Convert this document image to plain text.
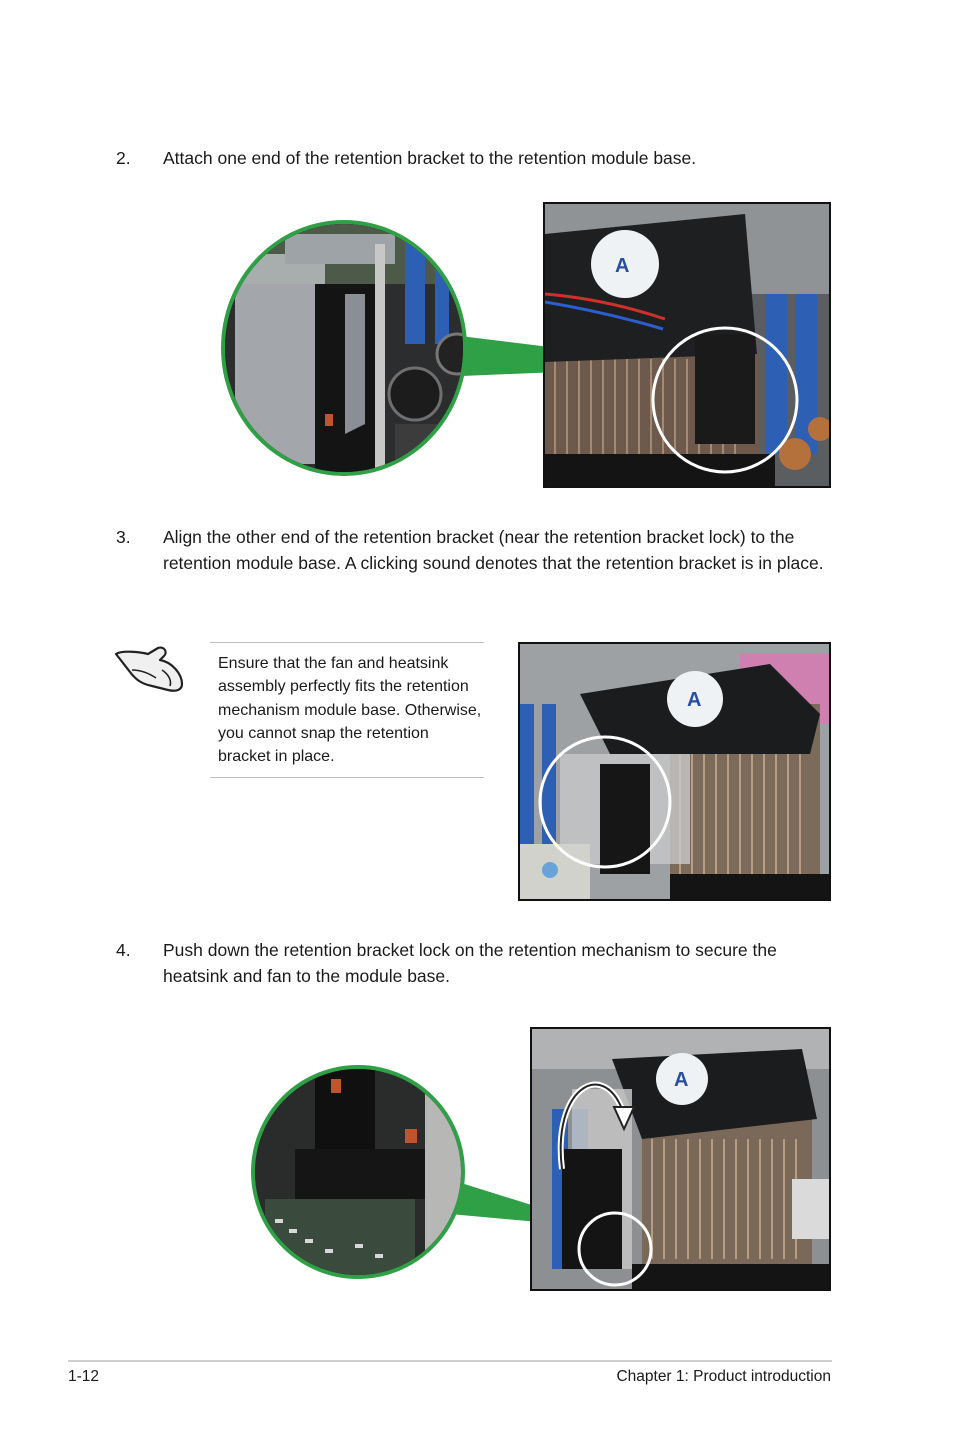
2. Attach one end of the retention bracket to the retention module base.
A
3. Align the other end of the retention bracket (near the retention bracket lock) to the retention module base. A clicking sound denotes that the retention bracket is in place.
Ensure that the fan and heatsink assembly perfectly fits the retention mechanism module base. Otherwise, you cannot snap the retention bracket in place.
A
4. Push down the retention bracket lock on the retention mechanism to secure the heatsink and fan to the module base.
A
1-12	Chapter 1: Product introduction
